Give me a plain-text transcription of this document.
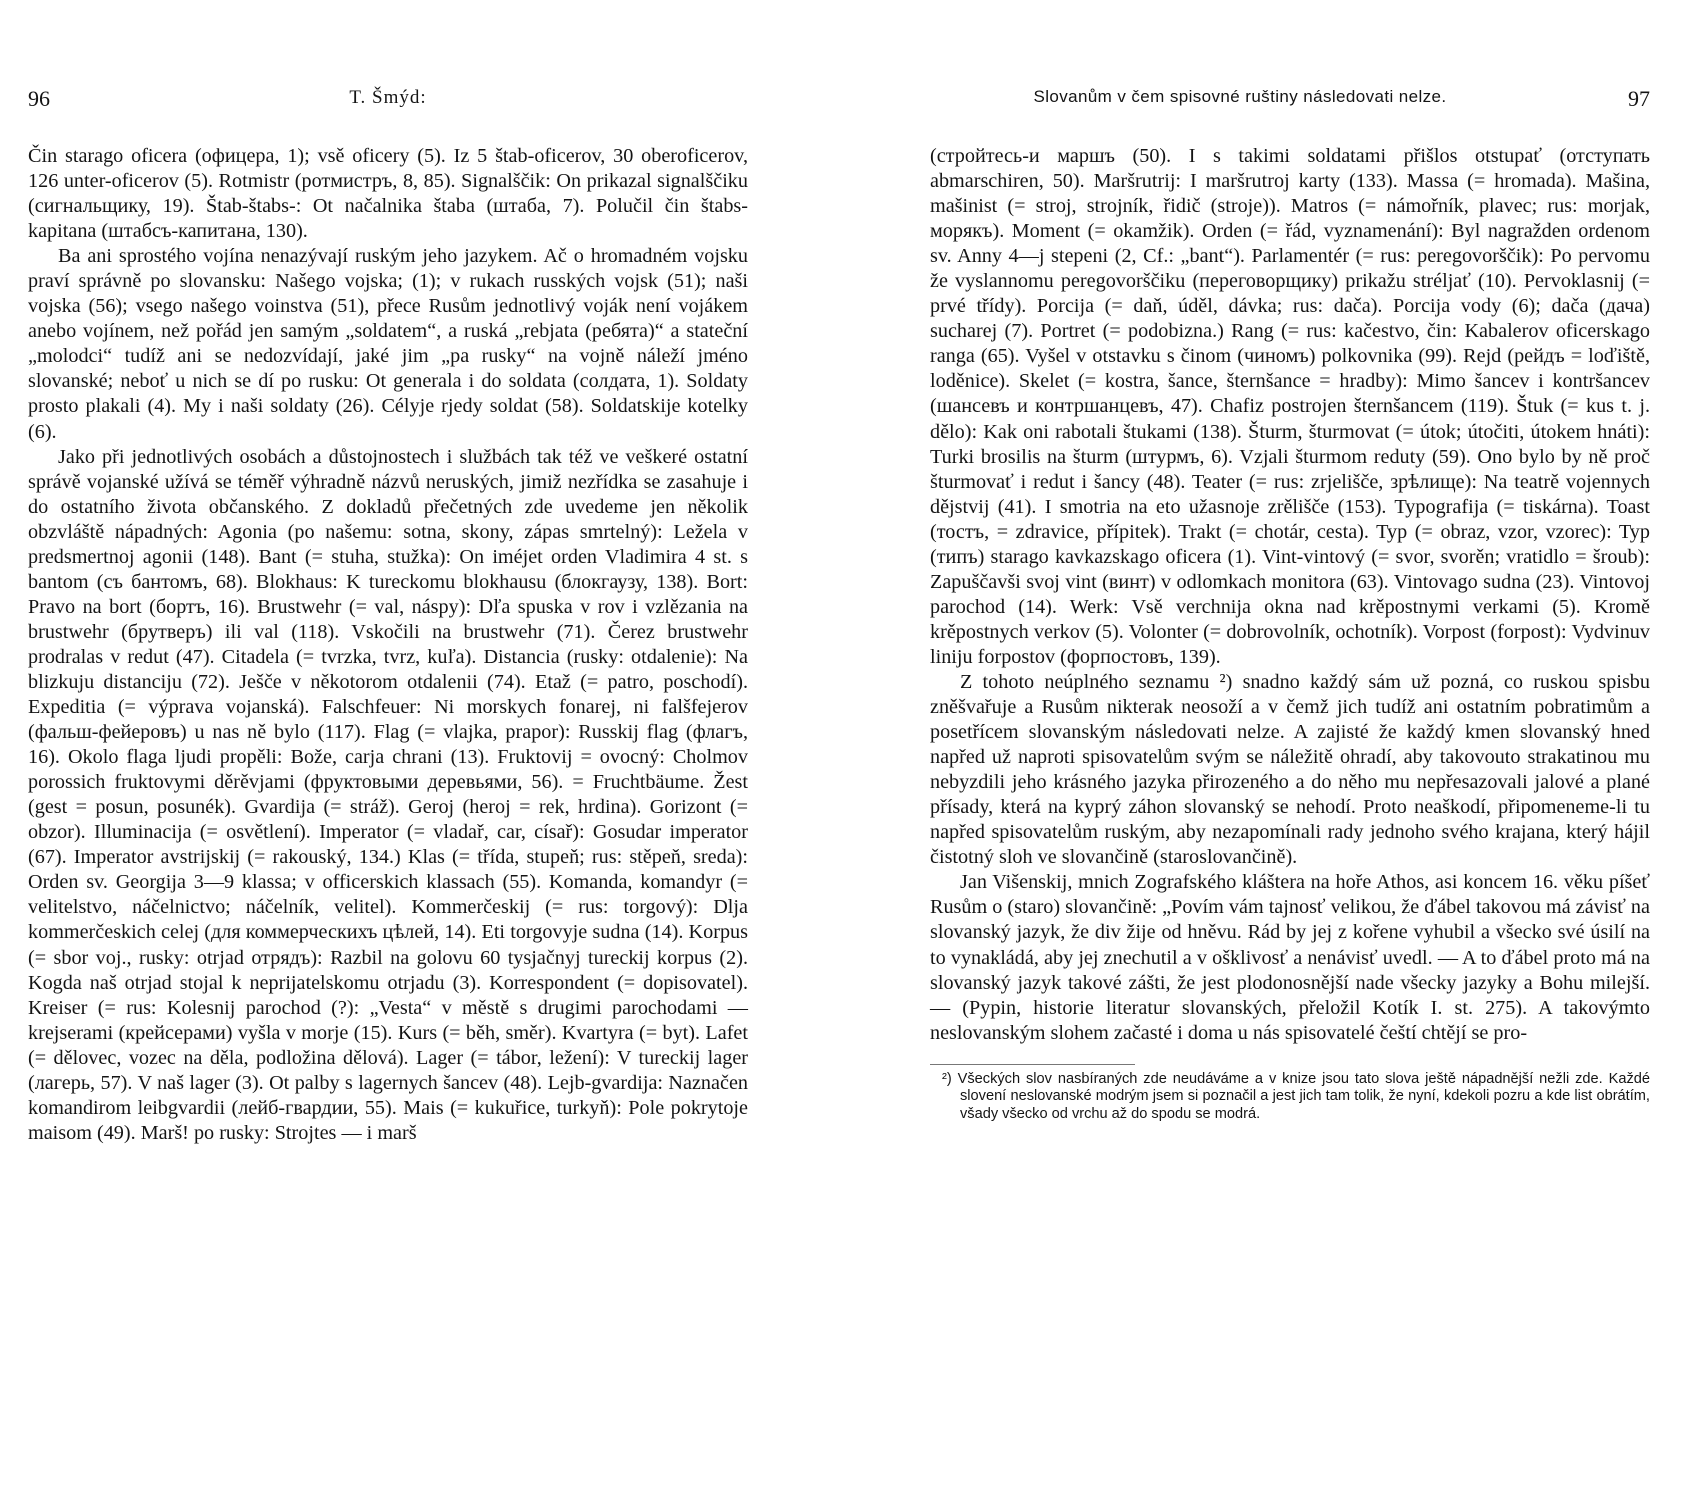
96	T. Šmýd:

Čin starago oficera (офицера, 1); vsě oficery (5). Iz 5 štab-oficerov, 30 oberoficerov, 126 unter-oficerov (5). Rotmistr (ротмистръ, 8, 85). Signalščik: On prikazal signalščiku (сигнальщику, 19). Štab-štabs-: Ot načalnika štaba (штаба, 7). Polučil čin štabs-kapitana (штабсъ-капитана, 130).

Ba ani sprostého vojína nenazývají ruským jeho jazykem. Ač o hromadném vojsku praví správně po slovansku: Našego vojska; (1); v rukach rusských vojsk (51); naši vojska (56); vsego našego voinstva (51), přece Rusům jednotlivý voják není vojákem anebo vojínem, než pořád jen samým „soldatem“, a ruská „rebjata (ребята)“ a stateční „molodci“ tudíž ani se nedozvídají, jaké jim „pa rusky“ na vojně náleží jméno slovanské; neboť u nich se dí po rusku: Ot generala i do soldata (солдата, 1). Soldaty prosto plakali (4). My i naši soldaty (26). Célyje rjedy soldat (58). Soldatskije kotelky (6).

Jako při jednotlivých osobách a důstojnostech i službách tak též ve veškeré ostatní správě vojanské užívá se téměř výhradně názvů neruských, jimiž nezřídka se zasahuje i do ostatního života občanského. Z dokladů přečetných zde uvedeme jen několik obzvláště nápadných: Agonia (po našemu: sotna, skony, zápas smrtelný): Ležela v predsmertnoj agonii (148). Bant (= stuha, stužka): On iméjet orden Vladimira 4 st. s bantom (съ бантомъ, 68). Blokhaus: K tureckomu blokhausu (блокгаузу, 138). Bort: Pravo na bort (бортъ, 16). Brustwehr (= val, náspy): Dľa spuska v rov i vzlězania na brustwehr (брутверъ) ili val (118). Vskočili na brustwehr (71). Čerez brustwehr prodralas v redut (47). Citadela (= tvrzka, tvrz, kuľa). Distancia (rusky: otdalenie): Na blizkuju distanciju (72). Ješče v někotorom otdalenii (74). Etaž (= patro, poschodí). Expeditia (= výprava vojanská). Falschfeuer: Ni morskych fonarej, ni falšfejerov (фальш-фейеровъ) u nas ně bylo (117). Flag (= vlajka, prapor): Russkij flag (флагъ, 16). Okolo flaga ljudi propěli: Bože, carja chrani (13). Fruktovij = ovocný: Cholmov porossich fruktovymi děrěvjami (фруктовыми деревьями, 56). = Fruchtbäume. Žest (gest = posun, posunék). Gvardija (= stráž). Geroj (heroj = rek, hrdina). Gorizont (= obzor). Illuminacija (= osvětlení). Imperator (= vladař, car, císař): Gosudar imperator (67). Imperator avstrijskij (= rakouský, 134.) Klas (= třída, stupeň; rus: stěpeň, sreda): Orden sv. Georgija 3—9 klassa; v officerskich klassach (55). Komanda, komandyr (= velitelstvo, náčelnictvo; náčelník, velitel). Kommerčeskij (= rus: torgový): Dlja kommerčeskich celej (для коммерческихъ цѣлей, 14). Eti torgovyje sudna (14). Korpus (= sbor voj., rusky: otrjad отрядъ): Razbil na golovu 60 tysjačnyj tureckij korpus (2). Kogda naš otrjad stojal k neprijatelskomu otrjadu (3). Korrespondent (= dopisovatel). Kreiser (= rus: Kolesnij parochod (?): „Vesta“ v městě s drugimi parochodami — krejserami (крейсерами) vyšla v morje (15). Kurs (= běh, směr). Kvartyra (= byt). Lafet (= dělovec, vozec na děla, podložina dělová). Lager (= tábor, ležení): V tureckij lager (лагерь, 57). V naš lager (3). Ot palby s lagernych šancev (48). Lejb-gvardija: Naznačen komandirom leibgvardii (лейб-гвардии, 55). Mais (= kukuřice, turkyň): Pole pokrytoje maisom (49). Marš! po rusky: Strojtes — i marš

Slovanům v čem spisovné ruštiny následovati nelze.	97

(стройтесь-и маршъ (50). I s takimi soldatami přišlos otstupať (отступать abmarschiren, 50). Maršrutrij: I maršrutroj karty (133). Massa (= hromada). Mašina, mašinist (= stroj, strojník, řidič (stroje)). Matros (= námořník, plavec; rus: morjak, морякъ). Moment (= okamžik). Orden (= řád, vyznamenání): Byl nagražden ordenom sv. Anny 4—j stepeni (2, Cf.: „bant“). Parlamentér (= rus: peregovorščik): Po pervomu že vyslannomu peregovorščiku (переговорщику) prikažu stréljať (10). Pervoklasnij (= prvé třídy). Porcija (= daň, úděl, dávka; rus: dača). Porcija vody (6); dača (дача) sucharej (7). Portret (= podobizna.) Rang (= rus: kačestvo, čin: Kabalerov oficerskago ranga (65). Vyšel v otstavku s činom (чиномъ) polkovnika (99). Rejd (рейдъ = loďiště, loděnice). Skelet (= kostra, šance, šternšance = hradby): Mimo šancev i kontršancev (шансевъ и контршанцевъ, 47). Chafiz postrojen šternšancem (119). Štuk (= kus t. j. dělo): Kak oni rabotali štukami (138). Šturm, šturmovat (= útok; útočiti, útokem hnáti): Turki brosilis na šturm (штурмъ, 6). Vzjali šturmom reduty (59). Ono bylo by ně proč šturmovať i redut i šancy (48). Teater (= rus: zrjelišče, зрѣлище): Na teatrě vojennych dějstvij (41). I smotria na eto užasnoje zrělišče (153). Typografija (= tiskárna). Toast (тостъ, = zdravice, přípitek). Trakt (= chotár, cesta). Typ (= obraz, vzor, vzorec): Typ (типъ) starago kavkazskago oficera (1). Vint-vintový (= svor, svorěn; vratidlo = šroub): Zapuščavši svoj vint (винт) v odlomkach monitora (63). Vintovago sudna (23). Vintovoj parochod (14). Werk: Vsě verchnija okna nad krěpostnymi verkami (5). Kromě krěpostnych verkov (5). Volonter (= dobrovolník, ochotník). Vorpost (forpost): Vydvinuv liniju forpostov (форпостовъ, 139).

Z tohoto neúplného seznamu ²) snadno každý sám už pozná, co ruskou spisbu zněšvařuje a Rusům nikterak neosoží a v čemž jich tudíž ani ostatním pobratimům a posetřícem slovanským následovati nelze. A zajisté že každý kmen slovanský hned napřed už naproti spisovatelům svým se náležitě ohradí, aby takovouto strakatinou mu nebyzdili jeho krásného jazyka přirozeného a do něho mu nepřesazovali jalové a plané přísady, která na kyprý záhon slovanský se nehodí. Proto neaškodí, připomeneme-li tu napřed spisovatelům ruským, aby nezapomínali rady jednoho svého krajana, který hájil čistotný sloh ve slovančině (staroslovančině).

Jan Višenskij, mnich Zografského kláštera na hoře Athos, asi koncem 16. věku píšeť Rusům o (staro) slovančině: „Povím vám tajnosť velikou, že ďábel takovou má závisť na slovanský jazyk, že div žije od hněvu. Rád by jej z kořene vyhubil a všecko své úsilí na to vynakládá, aby jej znechutil a v ošklivosť a nenávisť uvedl. — A to ďábel proto má na slovanský jazyk takové zášti, že jest plodonosnější nade všecky jazyky a Bohu milejší. — (Pypin, historie literatur slovanských, přeložil Kotík I. st. 275). A takovýmto neslovanským slohem začasté i doma u nás spisovatelé čeští chtějí se pro-

²) Všeckých slov nasbíraných zde neudáváme a v knize jsou tato slova ještě nápadnější nežli zde. Každé slovení neslovanské modrým jsem si poznačil a jest jich tam tolik, že nyní, kdekoli pozru a kde list obrátím, všady všecko od vrchu až do spodu se modrá.
